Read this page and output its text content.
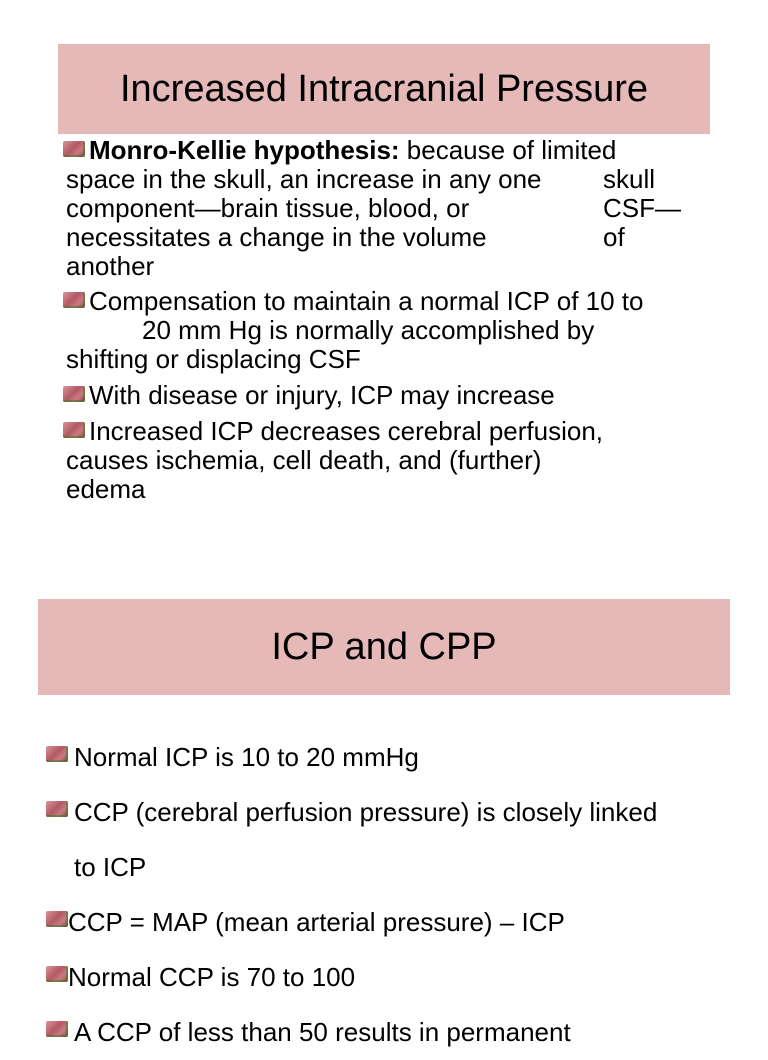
Increased Intracranial Pressure
Monro-Kellie hypothesis: because of limited
space in the skull, an increase in any one
component—brain tissue, blood, or
necessitates a change in the volume
another
skull
CSF—
of
Compensation to maintain a normal ICP of 10 to
20 mm Hg is normally accomplished by
shifting or displacing CSF
With disease or injury, ICP may increase
Increased ICP decreases cerebral perfusion,
causes ischemia, cell death, and (further)
edema
ICP and CPP
Normal ICP is 10 to 20 mmHg
CCP (cerebral perfusion pressure) is closely linked
to ICP
CCP = MAP (mean arterial pressure) – ICP
Normal CCP is 70 to 100
A CCP of less than 50 results in permanent
